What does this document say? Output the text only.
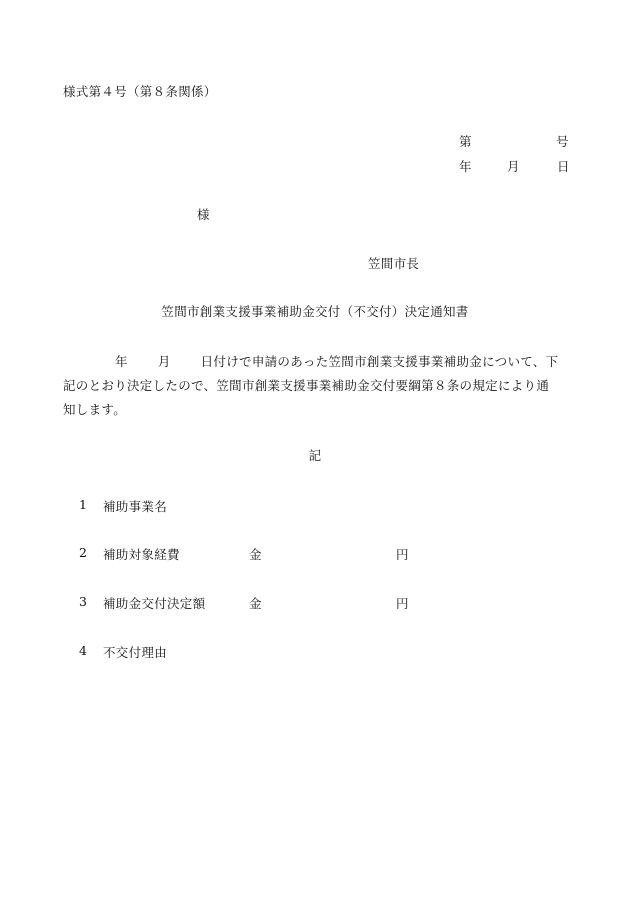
様式第４号（第８条関係）
第	号
年	月	日
様
笠間市長
笠間市創業支援事業補助金交付（不交付）決定通知書
年 月 日付けで申請のあった笠間市創業支援事業補助金について、下
記のとおり決定したので、笠間市創業支援事業補助金交付要綱第８条の規定により通
知します。
記
1 補助事業名
2 補助対象経費	金	円
3 補助金交付決定額	金	円
4 不交付理由
